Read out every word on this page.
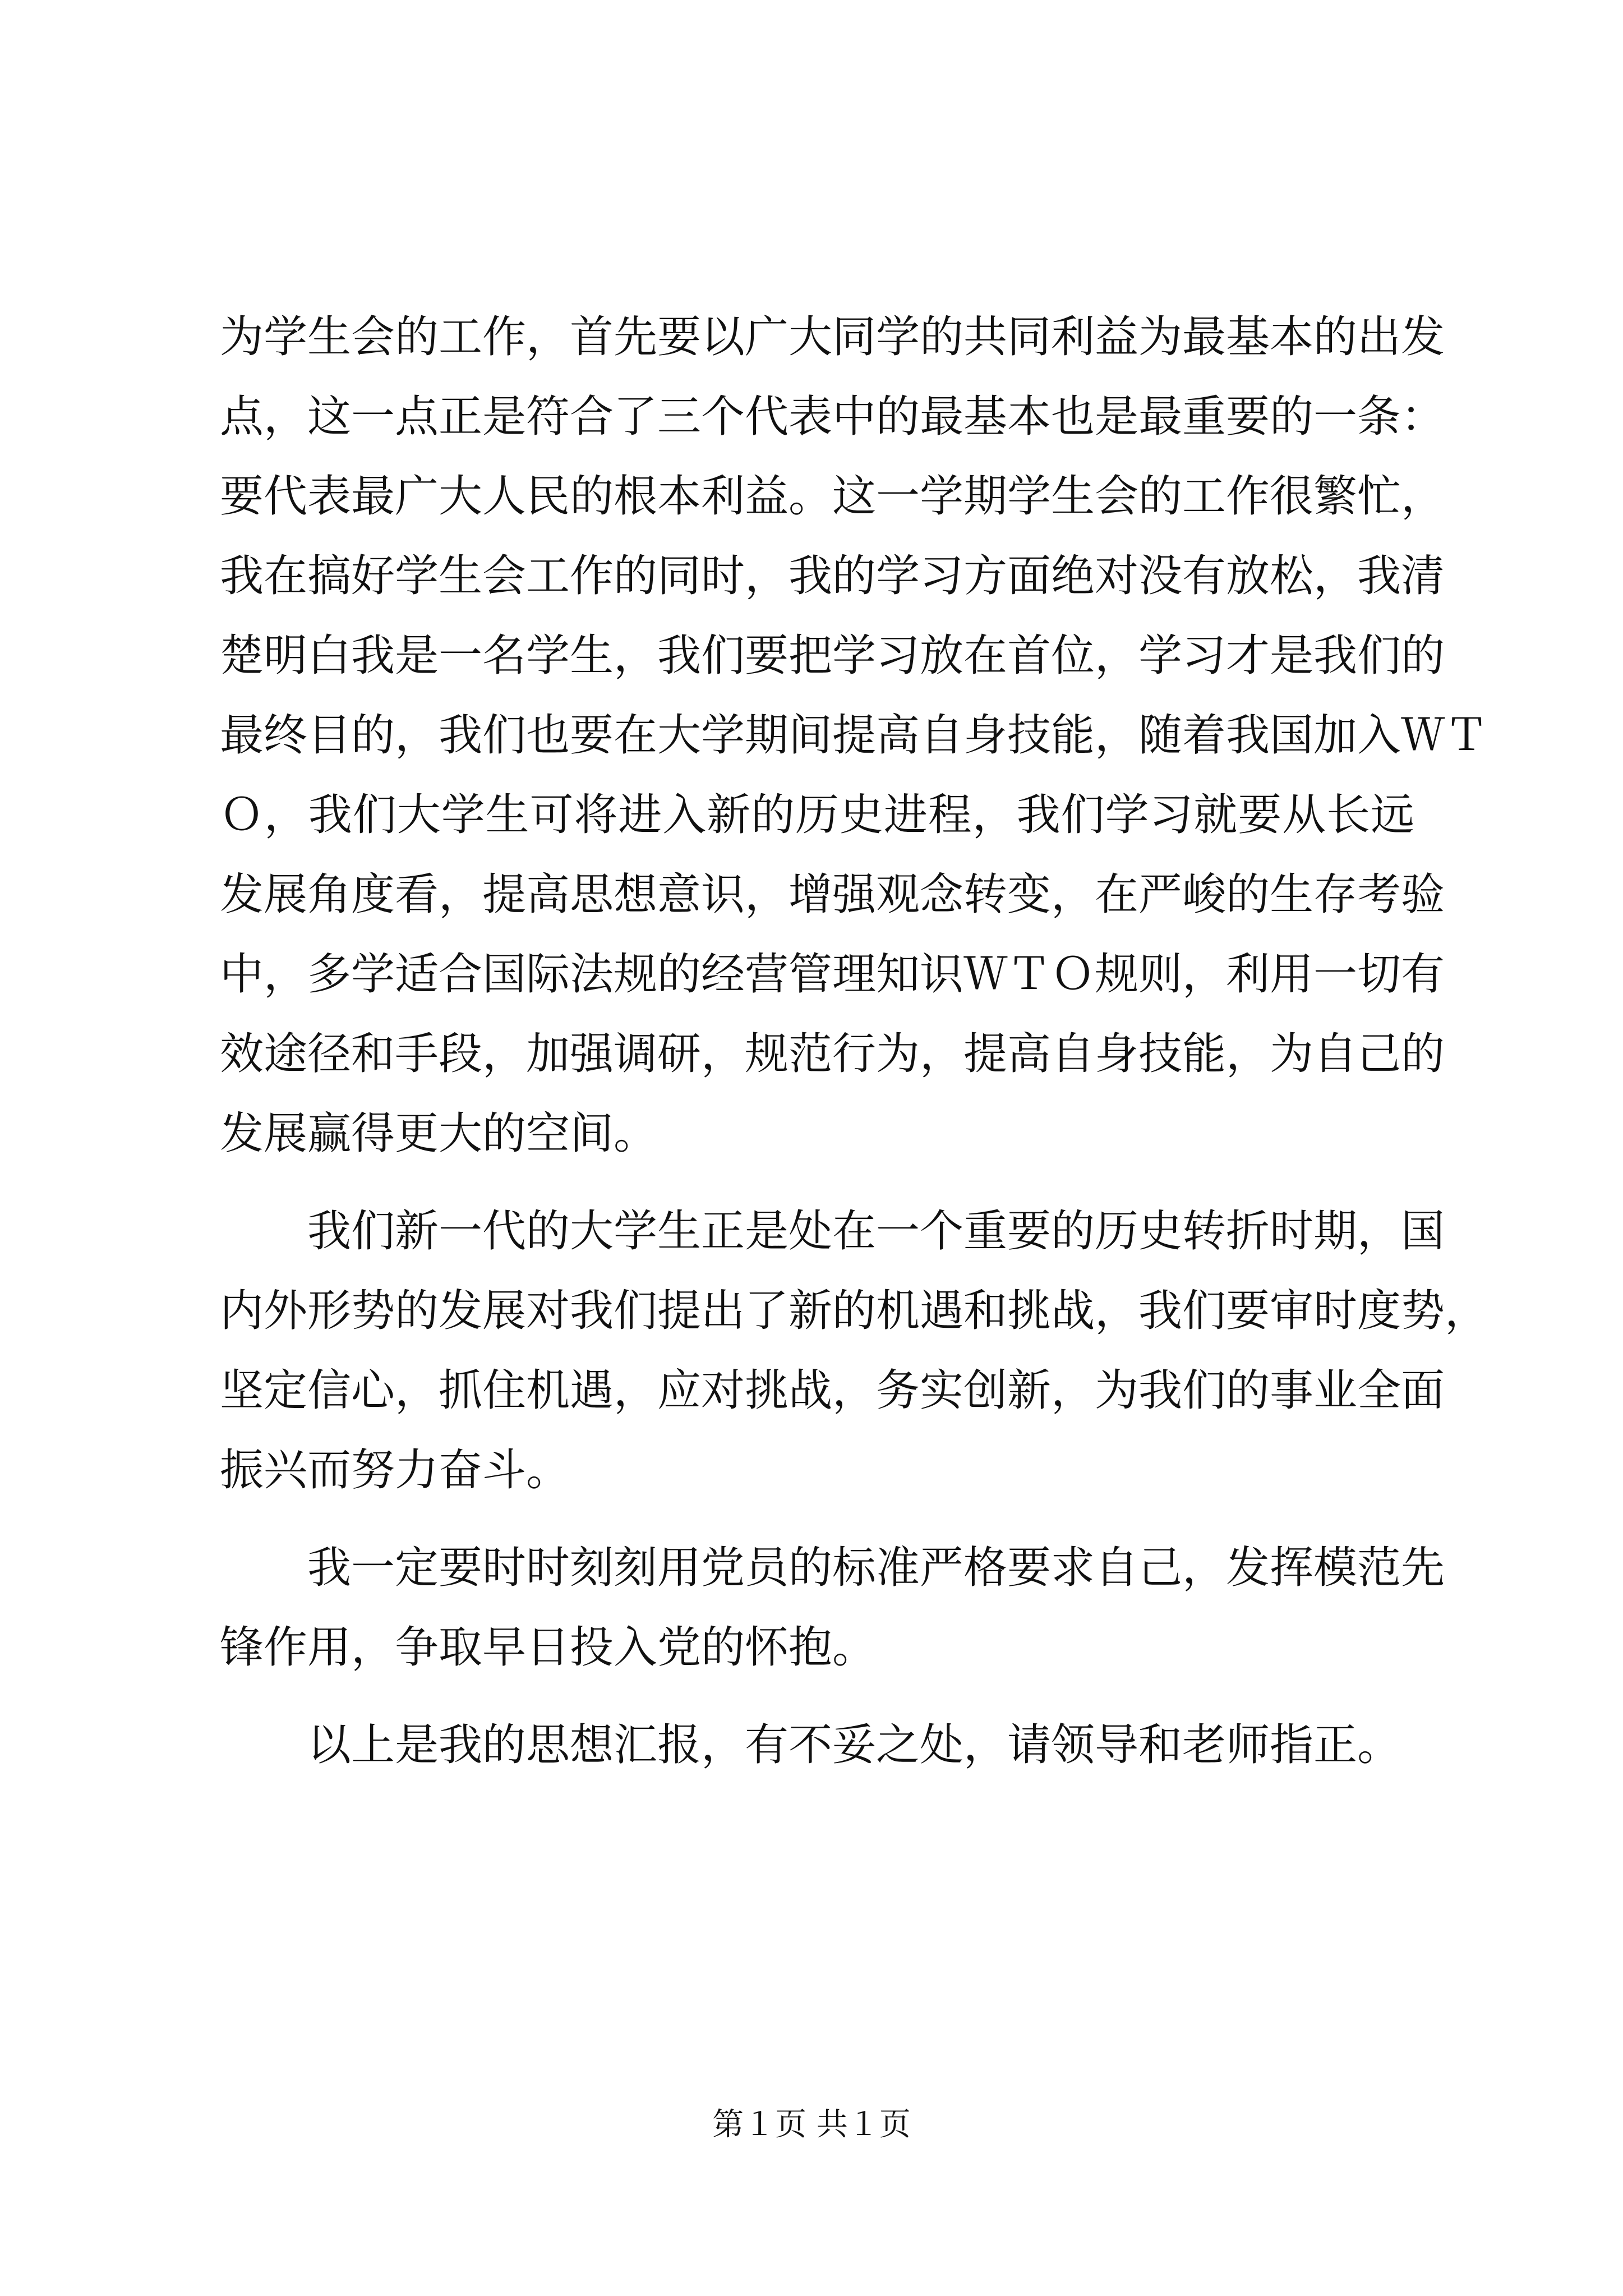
为学生会的工作，首先要以广大同学的共同利益为最基本的出发
点，这一点正是符合了三个代表中的最基本也是最重要的一条：
要代表最广大人民的根本利益。这一学期学生会的工作很繁忙，
我在搞好学生会工作的同时，我的学习方面绝对没有放松，我清
楚明白我是一名学生，我们要把学习放在首位，学习才是我们的
最终目的，我们也要在大学期间提高自身技能，随着我国加入ＷＴ
Ｏ，我们大学生可将进入新的历史进程，我们学习就要从长远
发展角度看，提高思想意识，增强观念转变，在严峻的生存考验
中，多学适合国际法规的经营管理知识ＷＴＯ规则，利用一切有
效途径和手段，加强调研，规范行为，提高自身技能，为自己的
发展赢得更大的空间。
我们新一代的大学生正是处在一个重要的历史转折时期，国
内外形势的发展对我们提出了新的机遇和挑战，我们要审时度势，
坚定信心，抓住机遇，应对挑战，务实创新，为我们的事业全面
振兴而努力奋斗。
我一定要时时刻刻用党员的标准严格要求自己，发挥模范先
锋作用，争取早日投入党的怀抱。
以上是我的思想汇报，有不妥之处，请领导和老师指正。
第１页 共１页
